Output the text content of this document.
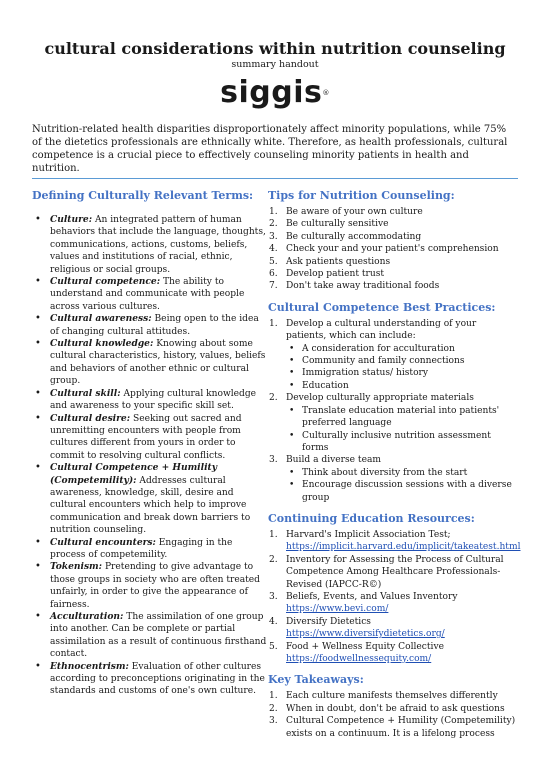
cultural considerations within nutrition counseling
summary handout
siggis®
Nutrition-related health disparities disproportionately affect minority populations, while 75% of the dietetics professionals are ethnically white. Therefore, as health professionals, cultural competence is a crucial piece to effectively counseling minority patients in health and nutrition.
Defining Culturally Relevant Terms:
• Culture: An integrated pattern of human behaviors that include the language, thoughts, communications, actions, customs, beliefs, values and institutions of racial, ethnic, religious or social groups.
• Cultural competence: The ability to understand and communicate with people across various cultures.
• Cultural awareness: Being open to the idea of changing cultural attitudes.
• Cultural knowledge: Knowing about some cultural characteristics, history, values, beliefs and behaviors of another ethnic or cultural group.
• Cultural skill: Applying cultural knowledge and awareness to your specific skill set.
• Cultural desire: Seeking out sacred and unremitting encounters with people from cultures different from yours in order to commit to resolving cultural conflicts.
• Cultural Competence + Humility (Competemility): Addresses cultural awareness, knowledge, skill, desire and cultural encounters which help to improve communication and break down barriers to nutrition counseling.
• Cultural encounters: Engaging in the process of competemility.
• Tokenism: Pretending to give advantage to those groups in society who are often treated unfairly, in order to give the appearance of fairness.
• Acculturation: The assimilation of one group into another. Can be complete or partial assimilation as a result of continuous firsthand contact.
• Ethnocentrism: Evaluation of other cultures according to preconceptions originating in the standards and customs of one's own culture.
Tips for Nutrition Counseling:
1. Be aware of your own culture
2. Be culturally sensitive
3. Be culturally accommodating
4. Check your and your patient's comprehension
5. Ask patients questions
6. Develop patient trust
7. Don't take away traditional foods
Cultural Competence Best Practices:
1. Develop a cultural understanding of your patients, which can include:
• A consideration for acculturation
• Community and family connections
• Immigration status/ history
• Education
2. Develop culturally appropriate materials
• Translate education material into patients' preferred language
• Culturally inclusive nutrition assessment forms
3. Build a diverse team
• Think about diversity from the start
• Encourage discussion sessions with a diverse group
Continuing Education Resources:
1. Harvard's Implicit Association Test;
https://implicit.harvard.edu/implicit/takeatest.html
2. Inventory for Assessing the Process of Cultural Competence Among Healthcare Professionals-Revised (IAPCC-R©)
3. Beliefs, Events, and Values Inventory
https://www.bevi.com/
4. Diversify Dietetics
https://www.diversifydietetics.org/
5. Food + Wellness Equity Collective
https://foodwellnessequity.com/
Key Takeaways:
1. Each culture manifests themselves differently
2. When in doubt, don't be afraid to ask questions
3. Cultural Competence + Humility (Competemility) exists on a continuum. It is a lifelong process
